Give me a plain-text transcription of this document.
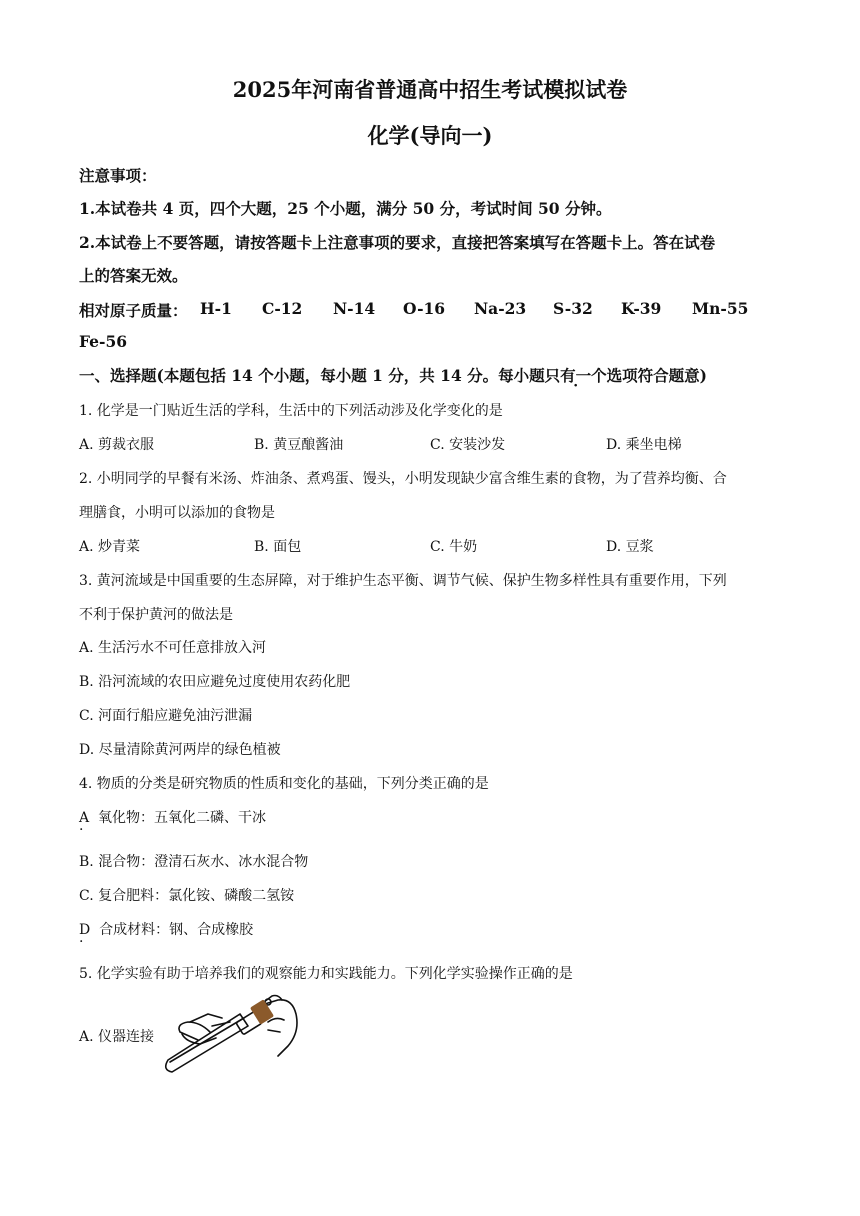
2025年河南省普通高中招生考试模拟试卷
化学(导向一)
注意事项：
1.本试卷共 4 页，四个大题，25 个小题，满分 50 分，考试时间 50 分钟。
2.本试卷上不要答题，请按答题卡上注意事项的要求，直接把答案填写在答题卡上。答在试卷
上的答案无效。
相对原子质量： H-1 C-12 N-14 O-16 Na-23 S-32 K-39 Mn-55
Fe-56
一、选择题(本题包括 14 个小题，每小题 1 分，共 14 分。每小题只有一个选项符合题意)
1. 化学是一门贴近生活的学科，生活中的下列活动涉及化学变化的是
A. 剪裁衣服	B. 黄豆酿酱油	C. 安装沙发	D. 乘坐电梯
2. 小明同学的早餐有米汤、炸油条、煮鸡蛋、馒头，小明发现缺少富含维生素的食物，为了营养均衡、合
理膳食，小明可以添加的食物是
A. 炒青菜	B. 面包	C. 牛奶	D. 豆浆
3. 黄河流域是中国重要的生态屏障，对于维护生态平衡、调节气候、保护生物多样性具有重要作用，下列
不利于保护黄河的做法是
A. 生活污水不可任意排放入河
B. 沿河流域的农田应避免过度使用农药化肥
C. 河面行船应避免油污泄漏
D. 尽量清除黄河两岸的绿色植被
4. 物质的分类是研究物质的性质和变化的基础，下列分类正确的是
A . 氧化物：五氧化二磷、干冰
B. 混合物：澄清石灰水、冰水混合物
C. 复合肥料：氯化铵、磷酸二氢铵
D . 合成材料：钢、合成橡胶
5. 化学实验有助于培养我们的观察能力和实践能力。下列化学实验操作正确的是
A. 仪器连接
